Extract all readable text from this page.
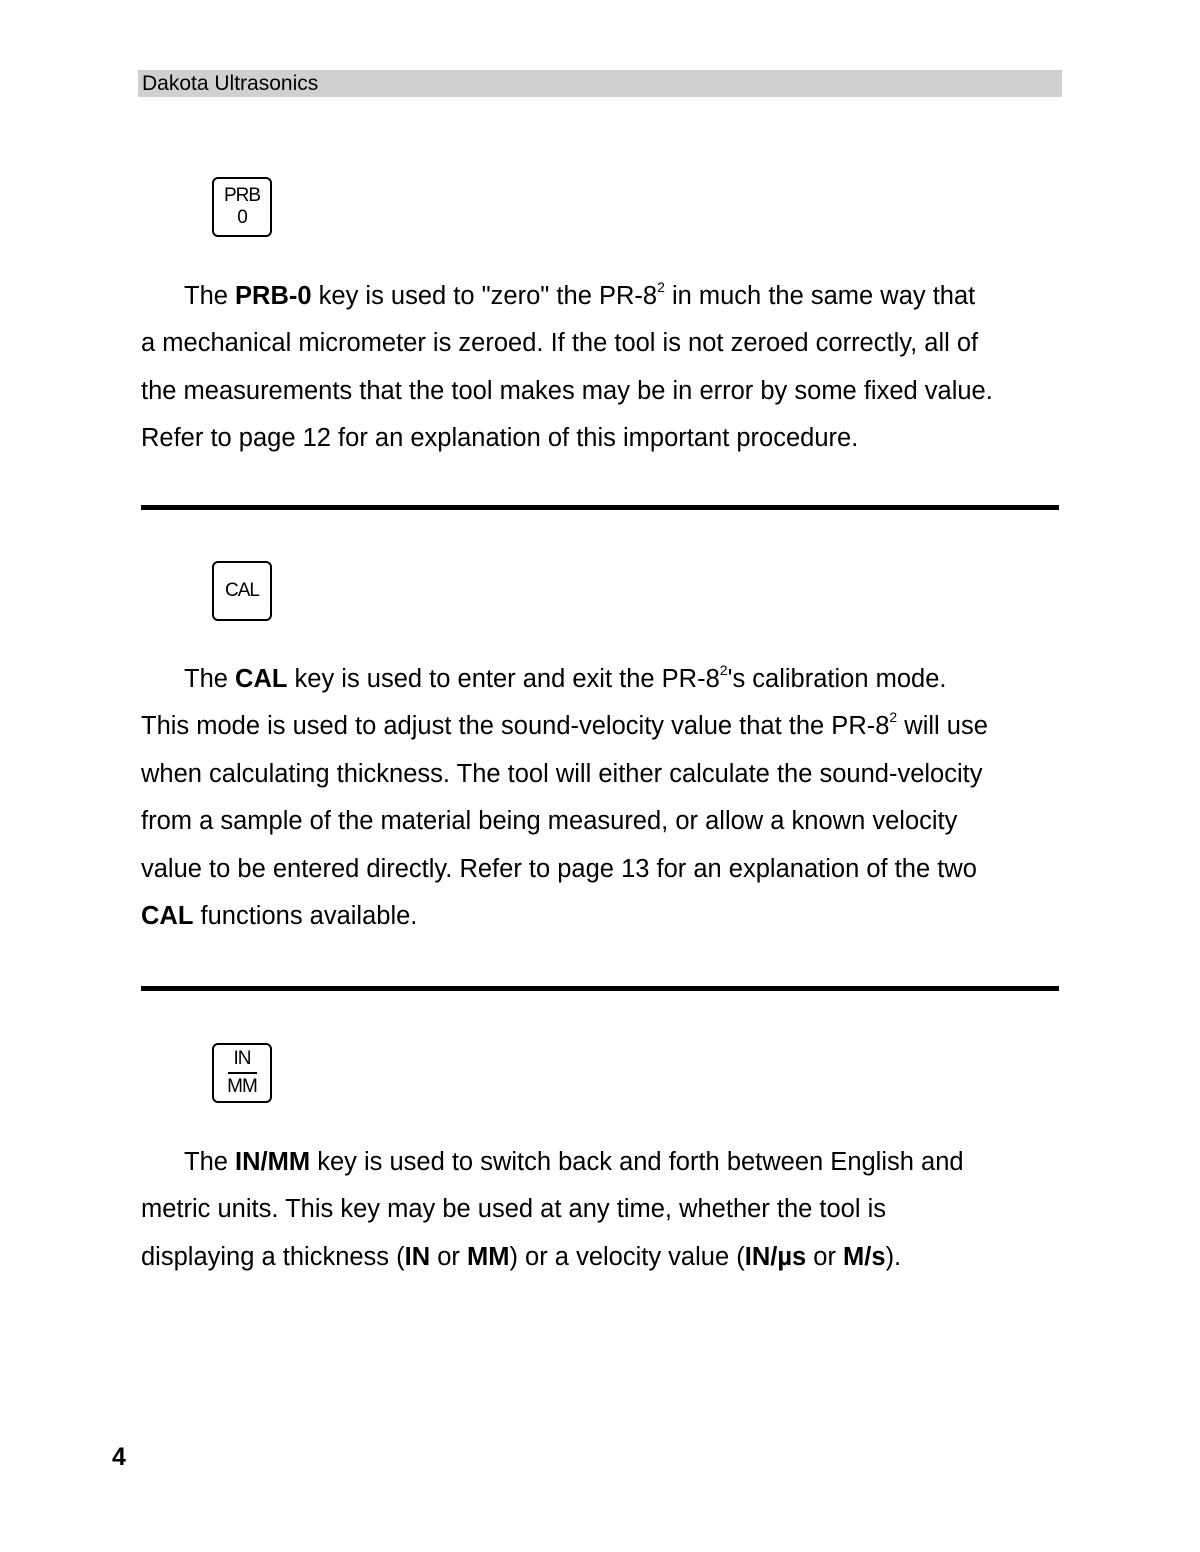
Dakota Ultrasonics
PRB
0
The PRB-0 key is used to "zero" the $PR-8^2$ in much the same way that
a mechanical micrometer is zeroed. If the tool is not zeroed correctly, all of
the measurements that the tool makes may be in error by some fixed value.
Refer to page 12 for an explanation of this important procedure.
CAL
The CAL key is used to enter and exit the $PR-8^2's$ calibration mode.
This mode is used to adjust the sound-velocity value that the $PR-8^2$ will use
when calculating thickness. The tool will either calculate the sound-velocity
from a sample of the material being measured, or allow a known velocity
value to be entered directly. Refer to page 13 for an explanation of the two
CAL functions available.
IN
MM
The IN/MM key is used to switch back and forth between English and
metric units. This key may be used at any time, whether the tool is
displaying a thickness (IN or MM) or a velocity value (IN/µs or M/s).
4
